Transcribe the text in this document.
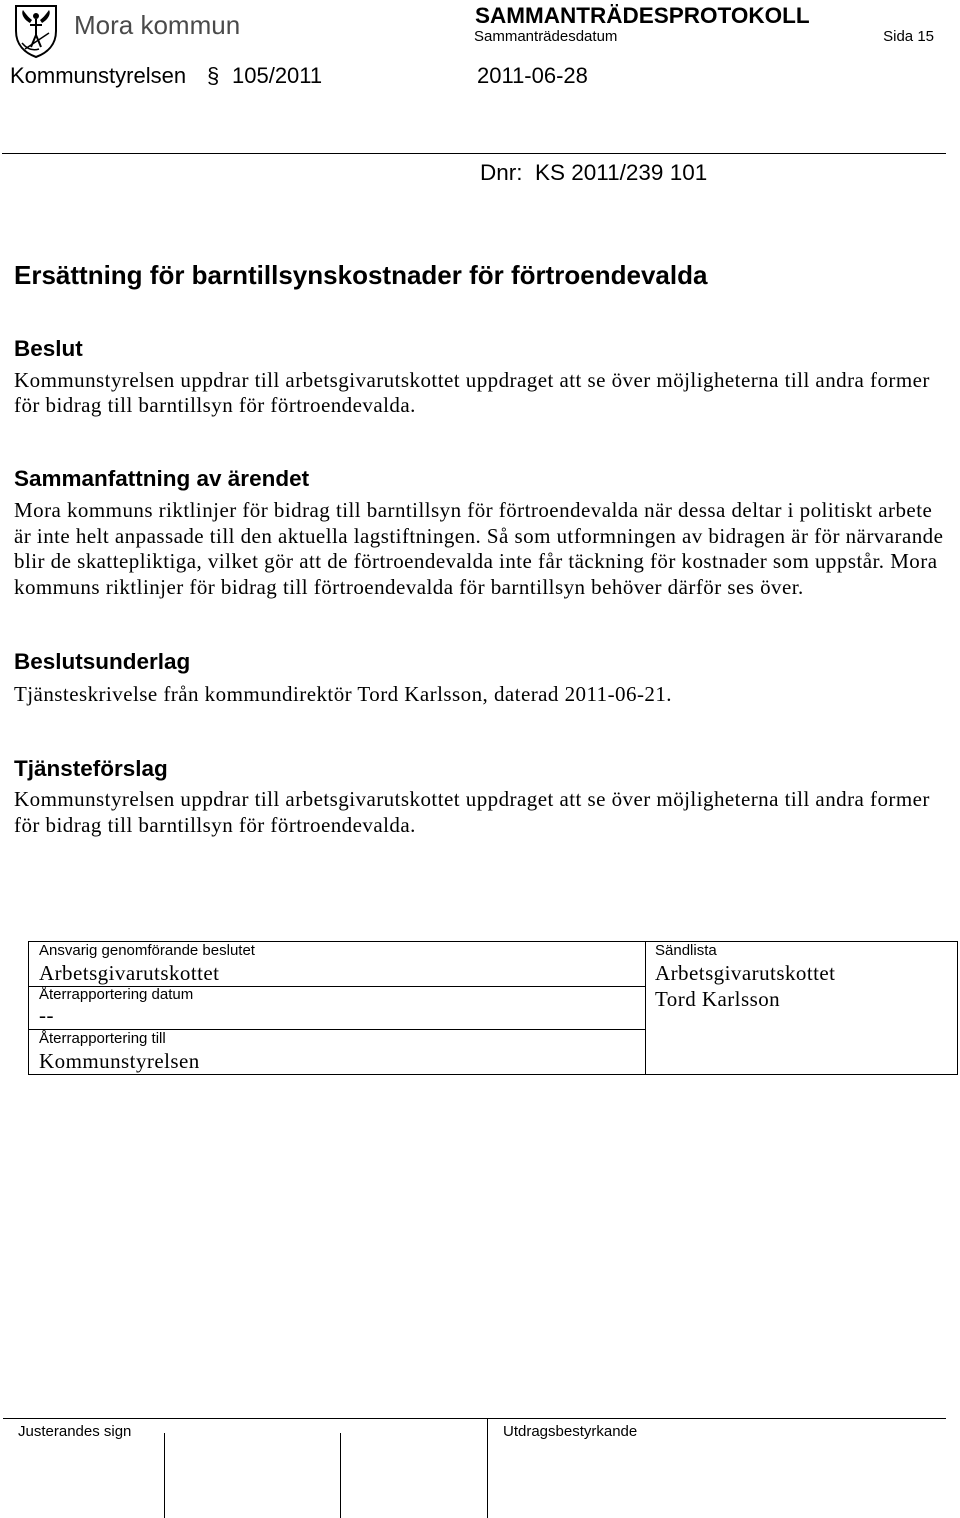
Mora kommun	SAMMANTRÄDESPROTOKOLL
Sammanträdesdatum	Sida 15
Kommunstyrelsen § 105/2011	2011-06-28
Dnr: KS 2011/239 101
Ersättning för barntillsynskostnader för förtroendevalda
Beslut
Kommunstyrelsen uppdrar till arbetsgivarutskottet uppdraget att se över möjligheterna till andra former
för bidrag till barntillsyn för förtroendevalda.
Sammanfattning av ärendet
Mora kommuns riktlinjer för bidrag till barntillsyn för förtroendevalda när dessa deltar i politiskt arbete
är inte helt anpassade till den aktuella lagstiftningen. Så som utformningen av bidragen är för närvarande
blir de skattepliktiga, vilket gör att de förtroendevalda inte får täckning för kostnader som uppstår. Mora
kommuns riktlinjer för bidrag till förtroendevalda för barntillsyn behöver därför ses över.
Beslutsunderlag
Tjänsteskrivelse från kommundirektör Tord Karlsson, daterad 2011-06-21.
Tjänsteförslag
Kommunstyrelsen uppdrar till arbetsgivarutskottet uppdraget att se över möjligheterna till andra former
för bidrag till barntillsyn för förtroendevalda.
Ansvarig genomförande beslutet
Arbetsgivarutskottet
Återrapportering datum
--
Återrapportering till
Kommunstyrelsen
Sändlista
Arbetsgivarutskottet
Tord Karlsson
Justerandes sign	Utdragsbestyrkande
